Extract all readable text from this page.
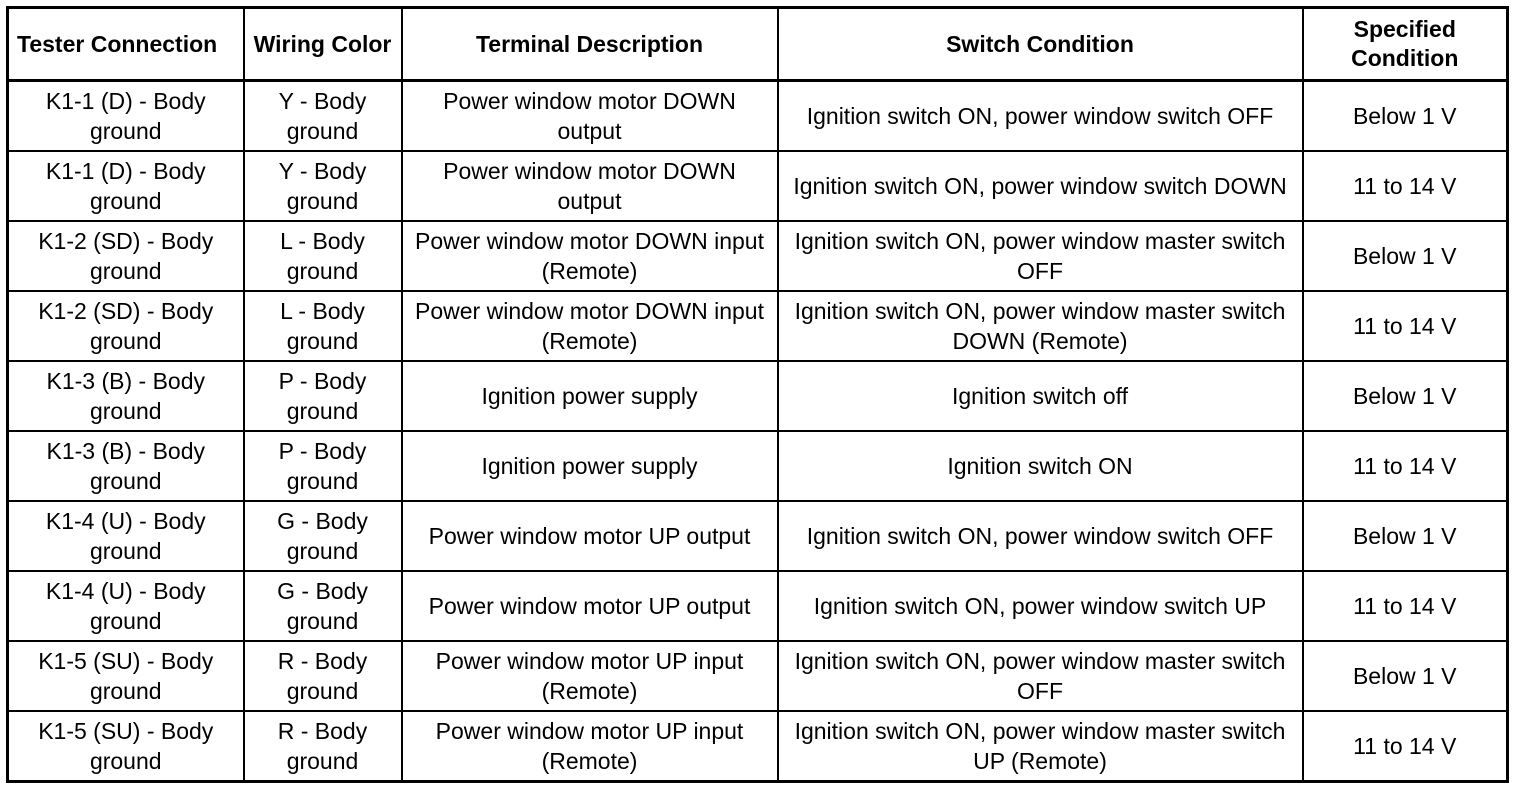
Tester Connection	Wiring Color	Terminal Description	Switch Condition	Specified Condition
K1-1 (D) - Body ground	Y - Body ground	Power window motor DOWN output	Ignition switch ON, power window switch OFF	Below 1 V
K1-1 (D) - Body ground	Y - Body ground	Power window motor DOWN output	Ignition switch ON, power window switch DOWN	11 to 14 V
K1-2 (SD) - Body ground	L - Body ground	Power window motor DOWN input (Remote)	Ignition switch ON, power window master switch OFF	Below 1 V
K1-2 (SD) - Body ground	L - Body ground	Power window motor DOWN input (Remote)	Ignition switch ON, power window master switch DOWN (Remote)	11 to 14 V
K1-3 (B) - Body ground	P - Body ground	Ignition power supply	Ignition switch off	Below 1 V
K1-3 (B) - Body ground	P - Body ground	Ignition power supply	Ignition switch ON	11 to 14 V
K1-4 (U) - Body ground	G - Body ground	Power window motor UP output	Ignition switch ON, power window switch OFF	Below 1 V
K1-4 (U) - Body ground	G - Body ground	Power window motor UP output	Ignition switch ON, power window switch UP	11 to 14 V
K1-5 (SU) - Body ground	R - Body ground	Power window motor UP input (Remote)	Ignition switch ON, power window master switch OFF	Below 1 V
K1-5 (SU) - Body ground	R - Body ground	Power window motor UP input (Remote)	Ignition switch ON, power window master switch UP (Remote)	11 to 14 V
